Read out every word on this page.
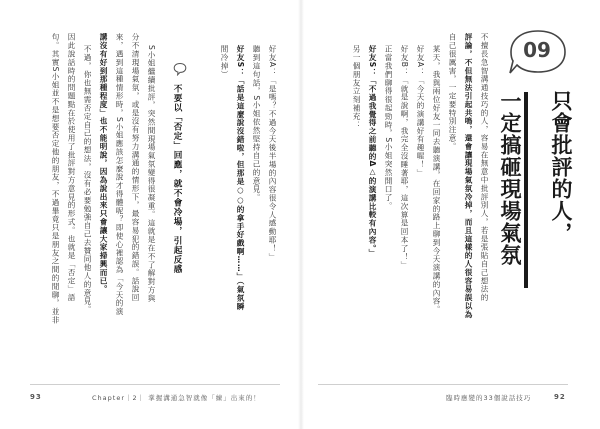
09
只會批評的人，
一定搞砸現場氣氛
不擅長急智溝通技巧的人，容易在無意中批評別人，若是張貼自己想法的
評論，不但無法引起共鳴，還會讓現場氣氛冷掉，而且這樣的人很容易誤以為
自己很厲害，一定要特別注意。
某天，我與兩位好友一同去聽演講，在回家的路上聊到今天演講的內容。
好友A：「今天的演講好有趣喔！」
好友B：「就是說啊，我完全沒睡著耶，這次算是回本了！」
正當我們聊得很起勁時，S小姐突然開口了。
好友S：「不過我覺得之前聽的Δ△的演講比較有內容。」
另一個朋友立刻補充：
好友A：「是嗎？不過今天後半場的內容很令人感動耶！」
聽到這句話，S小姐依然堅持自己的意見。
好友S：「話是這麼說沒錯啦，但那是○○的拿手好戲啊……」（氣氛瞬
間冷掉）
不要以「否定」回應，就不會冷場，引起反感
S小姐繼續批評，突然間現場氣氛變得很凝重。這就是在不了解對方與
分不清現場氣氛，或是沒有努力溝通的情形下，最容易犯的錯誤。話說回
來，遇到這種情形時，S小姐應該怎麼說才得體呢？即使心裡認為「今天的演
講沒有好到那種程度」也不能明說，因為說出來只會讓大家掃興而已。
不過，你也無需否定自己的想法，沒有必要勉強自己去贊同他人的意見。
因此說話時的問題點在於使用了批評對方意見的形式。也就是「否定」語
句。其實S小姐並不是想要否定他的朋友，不過畢竟只是朋友之間的閒聊，並非
93	Chapter｜2｜ 掌握溝通急智就像「練」出來的！	臨時應變的33個說話技巧	92
